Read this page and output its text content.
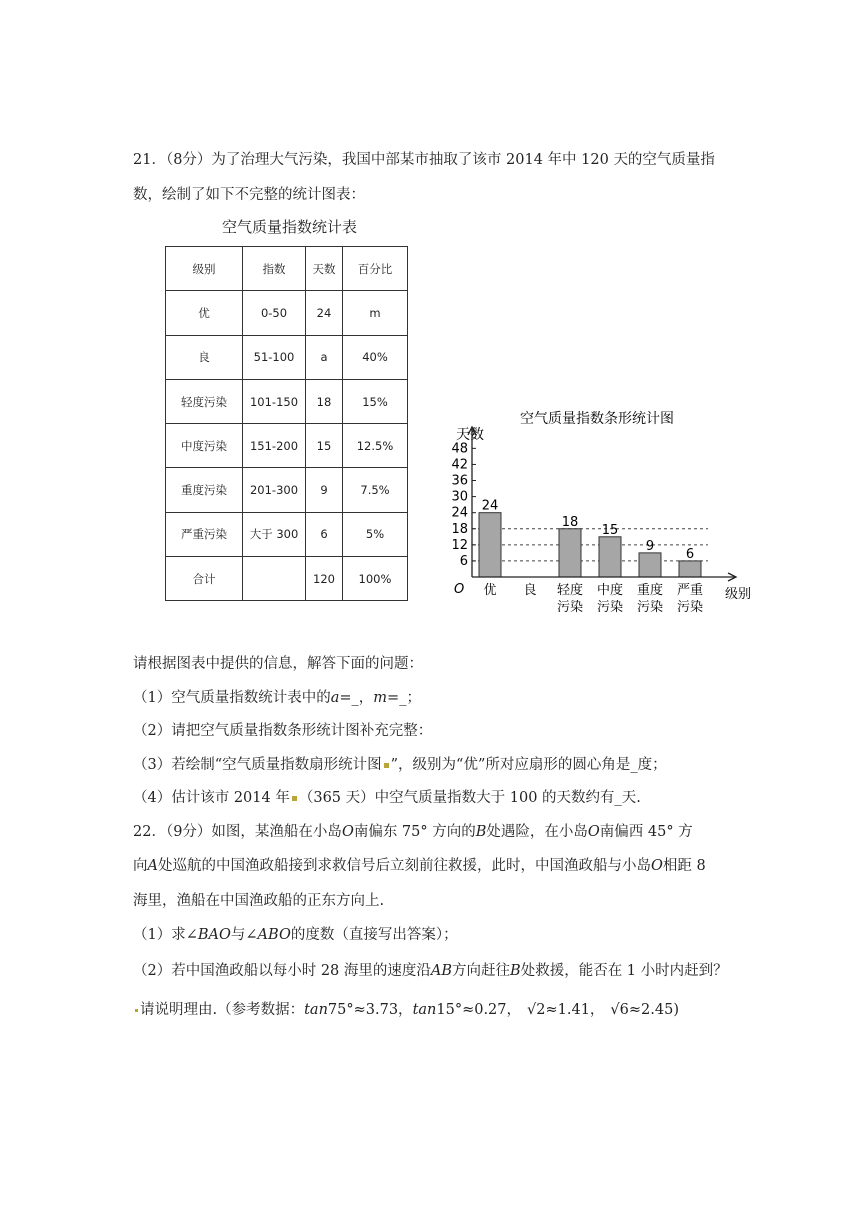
21．（8分）为了治理大气污染，我国中部某市抽取了该市 2014 年中 120 天的空气质量指
数，绘制了如下不完整的统计图表：
空气质量指数统计表
级别	指数	天数	百分比
优	0-50	24	m
良	51-100	a	40%
轻度污染	101-150	18	15%
中度污染	151-200	15	12.5%
重度污染	201-300	9	7.5%
严重污染	大于 300	6	5%
合计		120	100%
空气质量指数条形统计图
天数
24
18
15
9
6
6
12
18
24
30
36
42
48
O 优 良 轻度
污染
中度
污染
重度
污染
严重
污染
级别
请根据图表中提供的信息，解答下面的问题：
（1）空气质量指数统计表中的a=_，m=_；
（2）请把空气质量指数条形统计图补充完整：
（3）若绘制“空气质量指数扇形统计图 ”，级别为“优”所对应扇形的圆心角是_度；
（4）估计该市 2014 年 （365 天）中空气质量指数大于 100 的天数约有_天.
22．（9分）如图，某渔船在小岛O南偏东 75° 方向的B处遇险，在小岛O南偏西 45° 方
向A处巡航的中国渔政船接到求救信号后立刻前往救援，此时，中国渔政船与小岛O相距 8
海里，渔船在中国渔政船的正东方向上.
（1）求∠BAO与∠ABO的度数（直接写出答案）；
（2）若中国渔政船以每小时 28 海里的速度沿AB方向赶往B处救援，能否在 1 小时内赶到？
请说明理由.（参考数据：tan75°≈3.73，tan15°≈0.27， √2≈1.41， √6≈2.45)
